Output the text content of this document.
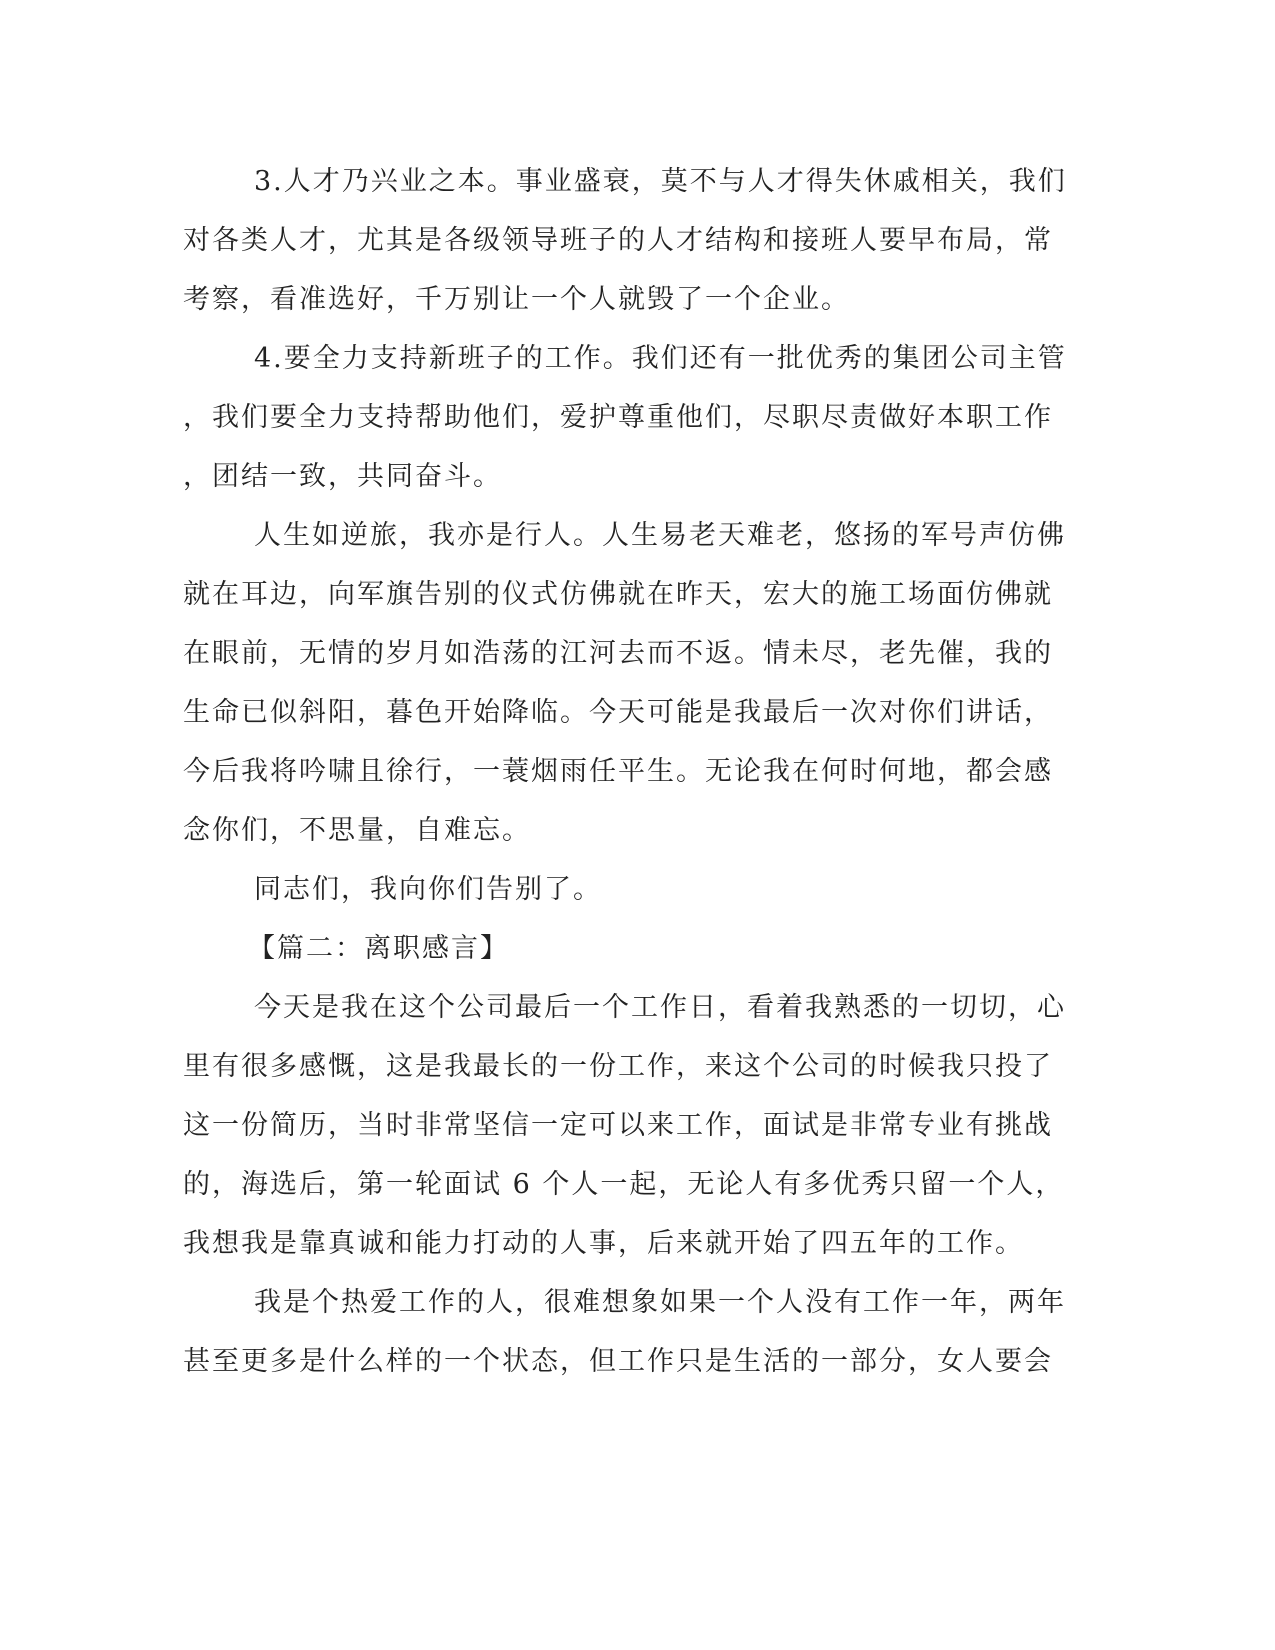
3.人才乃兴业之本。事业盛衰，莫不与人才得失休戚相关，我们
对各类人才，尤其是各级领导班子的人才结构和接班人要早布局，常
考察，看准选好，千万别让一个人就毁了一个企业。
4.要全力支持新班子的工作。我们还有一批优秀的集团公司主管
，我们要全力支持帮助他们，爱护尊重他们，尽职尽责做好本职工作
，团结一致，共同奋斗。
人生如逆旅，我亦是行人。人生易老天难老，悠扬的军号声仿佛
就在耳边，向军旗告别的仪式仿佛就在昨天，宏大的施工场面仿佛就
在眼前，无情的岁月如浩荡的江河去而不返。情未尽，老先催，我的
生命已似斜阳，暮色开始降临。今天可能是我最后一次对你们讲话，
今后我将吟啸且徐行，一蓑烟雨任平生。无论我在何时何地，都会感
念你们，不思量，自难忘。
同志们，我向你们告别了。
【篇二：离职感言】
今天是我在这个公司最后一个工作日，看着我熟悉的一切切，心
里有很多感慨，这是我最长的一份工作，来这个公司的时候我只投了
这一份简历，当时非常坚信一定可以来工作，面试是非常专业有挑战
的，海选后，第一轮面试 6 个人一起，无论人有多优秀只留一个人，
我想我是靠真诚和能力打动的人事，后来就开始了四五年的工作。
我是个热爱工作的人，很难想象如果一个人没有工作一年，两年
甚至更多是什么样的一个状态，但工作只是生活的一部分，女人要会
